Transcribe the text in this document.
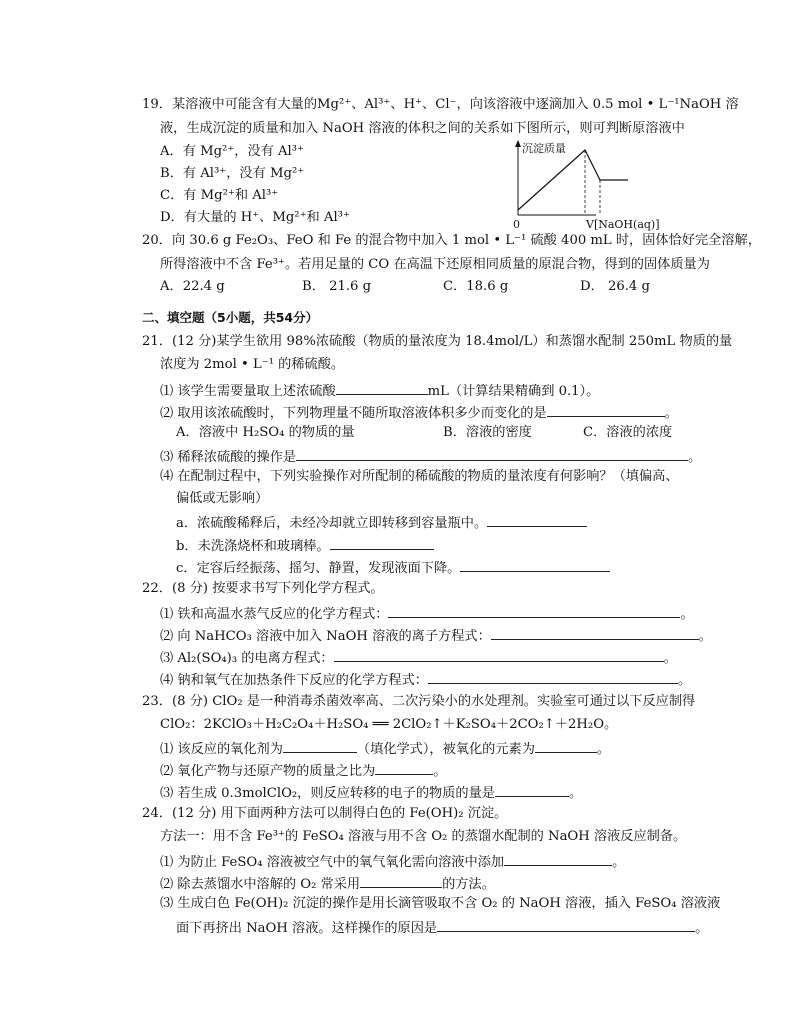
19．某溶液中可能含有大量的Mg²⁺、Al³⁺、H⁺、Cl⁻，向该溶液中逐滴加入 0.5 mol • L⁻¹NaOH 溶
液，生成沉淀的质量和加入 NaOH 溶液的体积之间的关系如下图所示，则可判断原溶液中
A．有 Mg²⁺，没有 Al³⁺
B．有 Al³⁺，没有 Mg²⁺
C．有 Mg²⁺和 Al³⁺
D．有大量的 H⁺、Mg²⁺和 Al³⁺
沉淀质量
0	V[NaOH(aq)]
20．向 30.6 g Fe₂O₃、FeO 和 Fe 的混合物中加入 1 mol • L⁻¹ 硫酸 400 mL 时，固体恰好完全溶解，
所得溶液中不含 Fe³⁺。若用足量的 CO 在高温下还原相同质量的原混合物，得到的固体质量为
A．22.4 g	B． 21.6 g	C．18.6 g	D． 26.4 g
二、填空题（5小题，共54分）
21．(12 分)某学生欲用 98%浓硫酸（物质的量浓度为 18.4mol/L）和蒸馏水配制 250mL 物质的量
浓度为 2mol • L⁻¹ 的稀硫酸。
⑴ 该学生需要量取上述浓硫酸	mL（计算结果精确到 0.1）。
⑵ 取用该浓硫酸时，下列物理量不随所取溶液体积多少而变化的是	。
A．溶液中 H₂SO₄ 的物质的量	B．溶液的密度	C．溶液的浓度
⑶ 稀释浓硫酸的操作是	。
⑷ 在配制过程中，下列实验操作对所配制的稀硫酸的物质的量浓度有何影响？（填偏高、
偏低或无影响）
a．浓硫酸稀释后，未经冷却就立即转移到容量瓶中。
b．未洗涤烧杯和玻璃棒。
c．定容后经振荡、摇匀、静置，发现液面下降。
22．(8 分) 按要求书写下列化学方程式。
⑴ 铁和高温水蒸气反应的化学方程式：	。
⑵ 向 NaHCO₃ 溶液中加入 NaOH 溶液的离子方程式：	。
⑶ Al₂(SO₄)₃ 的电离方程式：	。
⑷ 钠和氧气在加热条件下反应的化学方程式：	。
23．(8 分) ClO₂ 是一种消毒杀菌效率高、二次污染小的水处理剂。实验室可通过以下反应制得
ClO₂：2KClO₃＋H₂C₂O₄＋H₂SO₄ ══ 2ClO₂↑＋K₂SO₄＋2CO₂↑＋2H₂O。
⑴ 该反应的氧化剂为	（填化学式），被氧化的元素为	。
⑵ 氧化产物与还原产物的质量之比为	。
⑶ 若生成 0.3molClO₂，则反应转移的电子的物质的量是	。
24．(12 分) 用下面两种方法可以制得白色的 Fe(OH)₂ 沉淀。
方法一：用不含 Fe³⁺的 FeSO₄ 溶液与用不含 O₂ 的蒸馏水配制的 NaOH 溶液反应制备。
⑴ 为防止 FeSO₄ 溶液被空气中的氧气氧化需向溶液中添加	。
⑵ 除去蒸馏水中溶解的 O₂ 常采用	的方法。
⑶ 生成白色 Fe(OH)₂ 沉淀的操作是用长滴管吸取不含 O₂ 的 NaOH 溶液，插入 FeSO₄ 溶液液
面下再挤出 NaOH 溶液。这样操作的原因是	。
